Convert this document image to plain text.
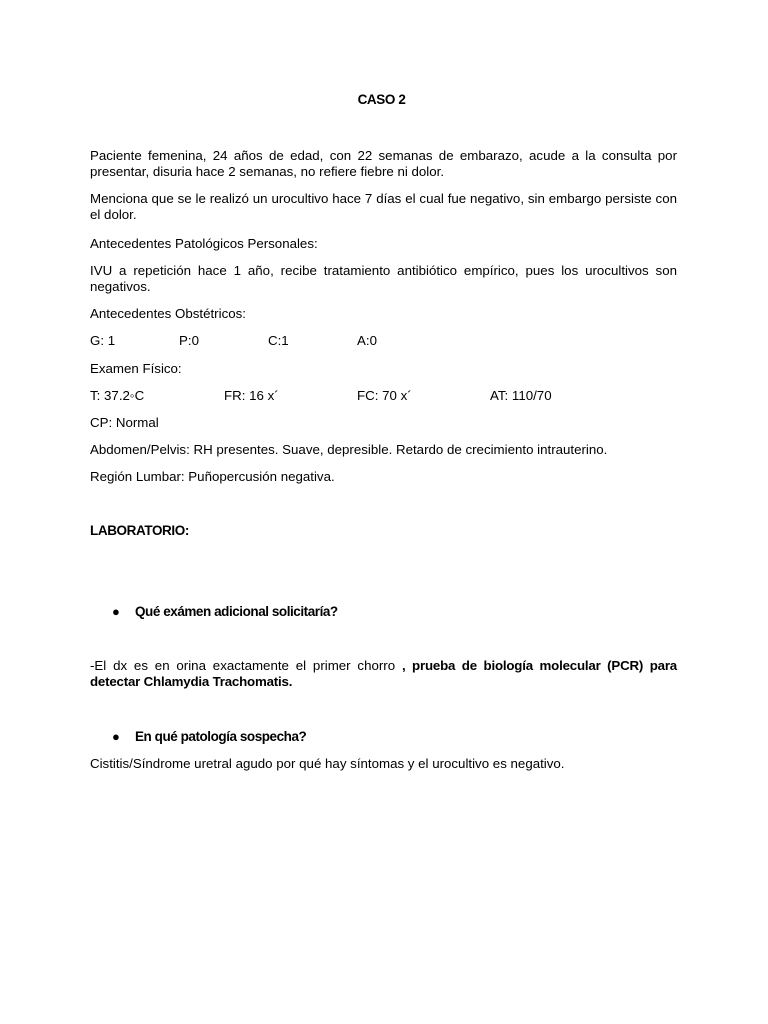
CASO 2

Paciente femenina, 24 años de edad, con 22 semanas de embarazo, acude a la consulta por presentar, disuria hace 2 semanas, no refiere fiebre ni dolor.

Menciona que se le realizó un urocultivo hace 7 días el cual fue negativo, sin embargo persiste con el dolor.

Antecedentes Patológicos Personales:

IVU a repetición hace 1 año, recibe tratamiento antibiótico empírico, pues los urocultivos son negativos.

Antecedentes Obstétricos:

G: 1	P:0	C:1	A:0

Examen Físico:

T: 37.2◦C	FR: 16 x´	FC: 70 x´	AT: 110/70

CP: Normal

Abdomen/Pelvis: RH presentes. Suave, depresible. Retardo de crecimiento intrauterino.

Región Lumbar: Puñopercusión negativa.

LABORATORIO:
● Qué exámen adicional solicitaría?

-El dx es en orina exactamente el primer chorro , prueba de biología molecular (PCR) para detectar Chlamydia Trachomatis.

● En qué patología sospecha?

Cistitis/Síndrome uretral agudo por qué hay síntomas y el urocultivo es negativo.
